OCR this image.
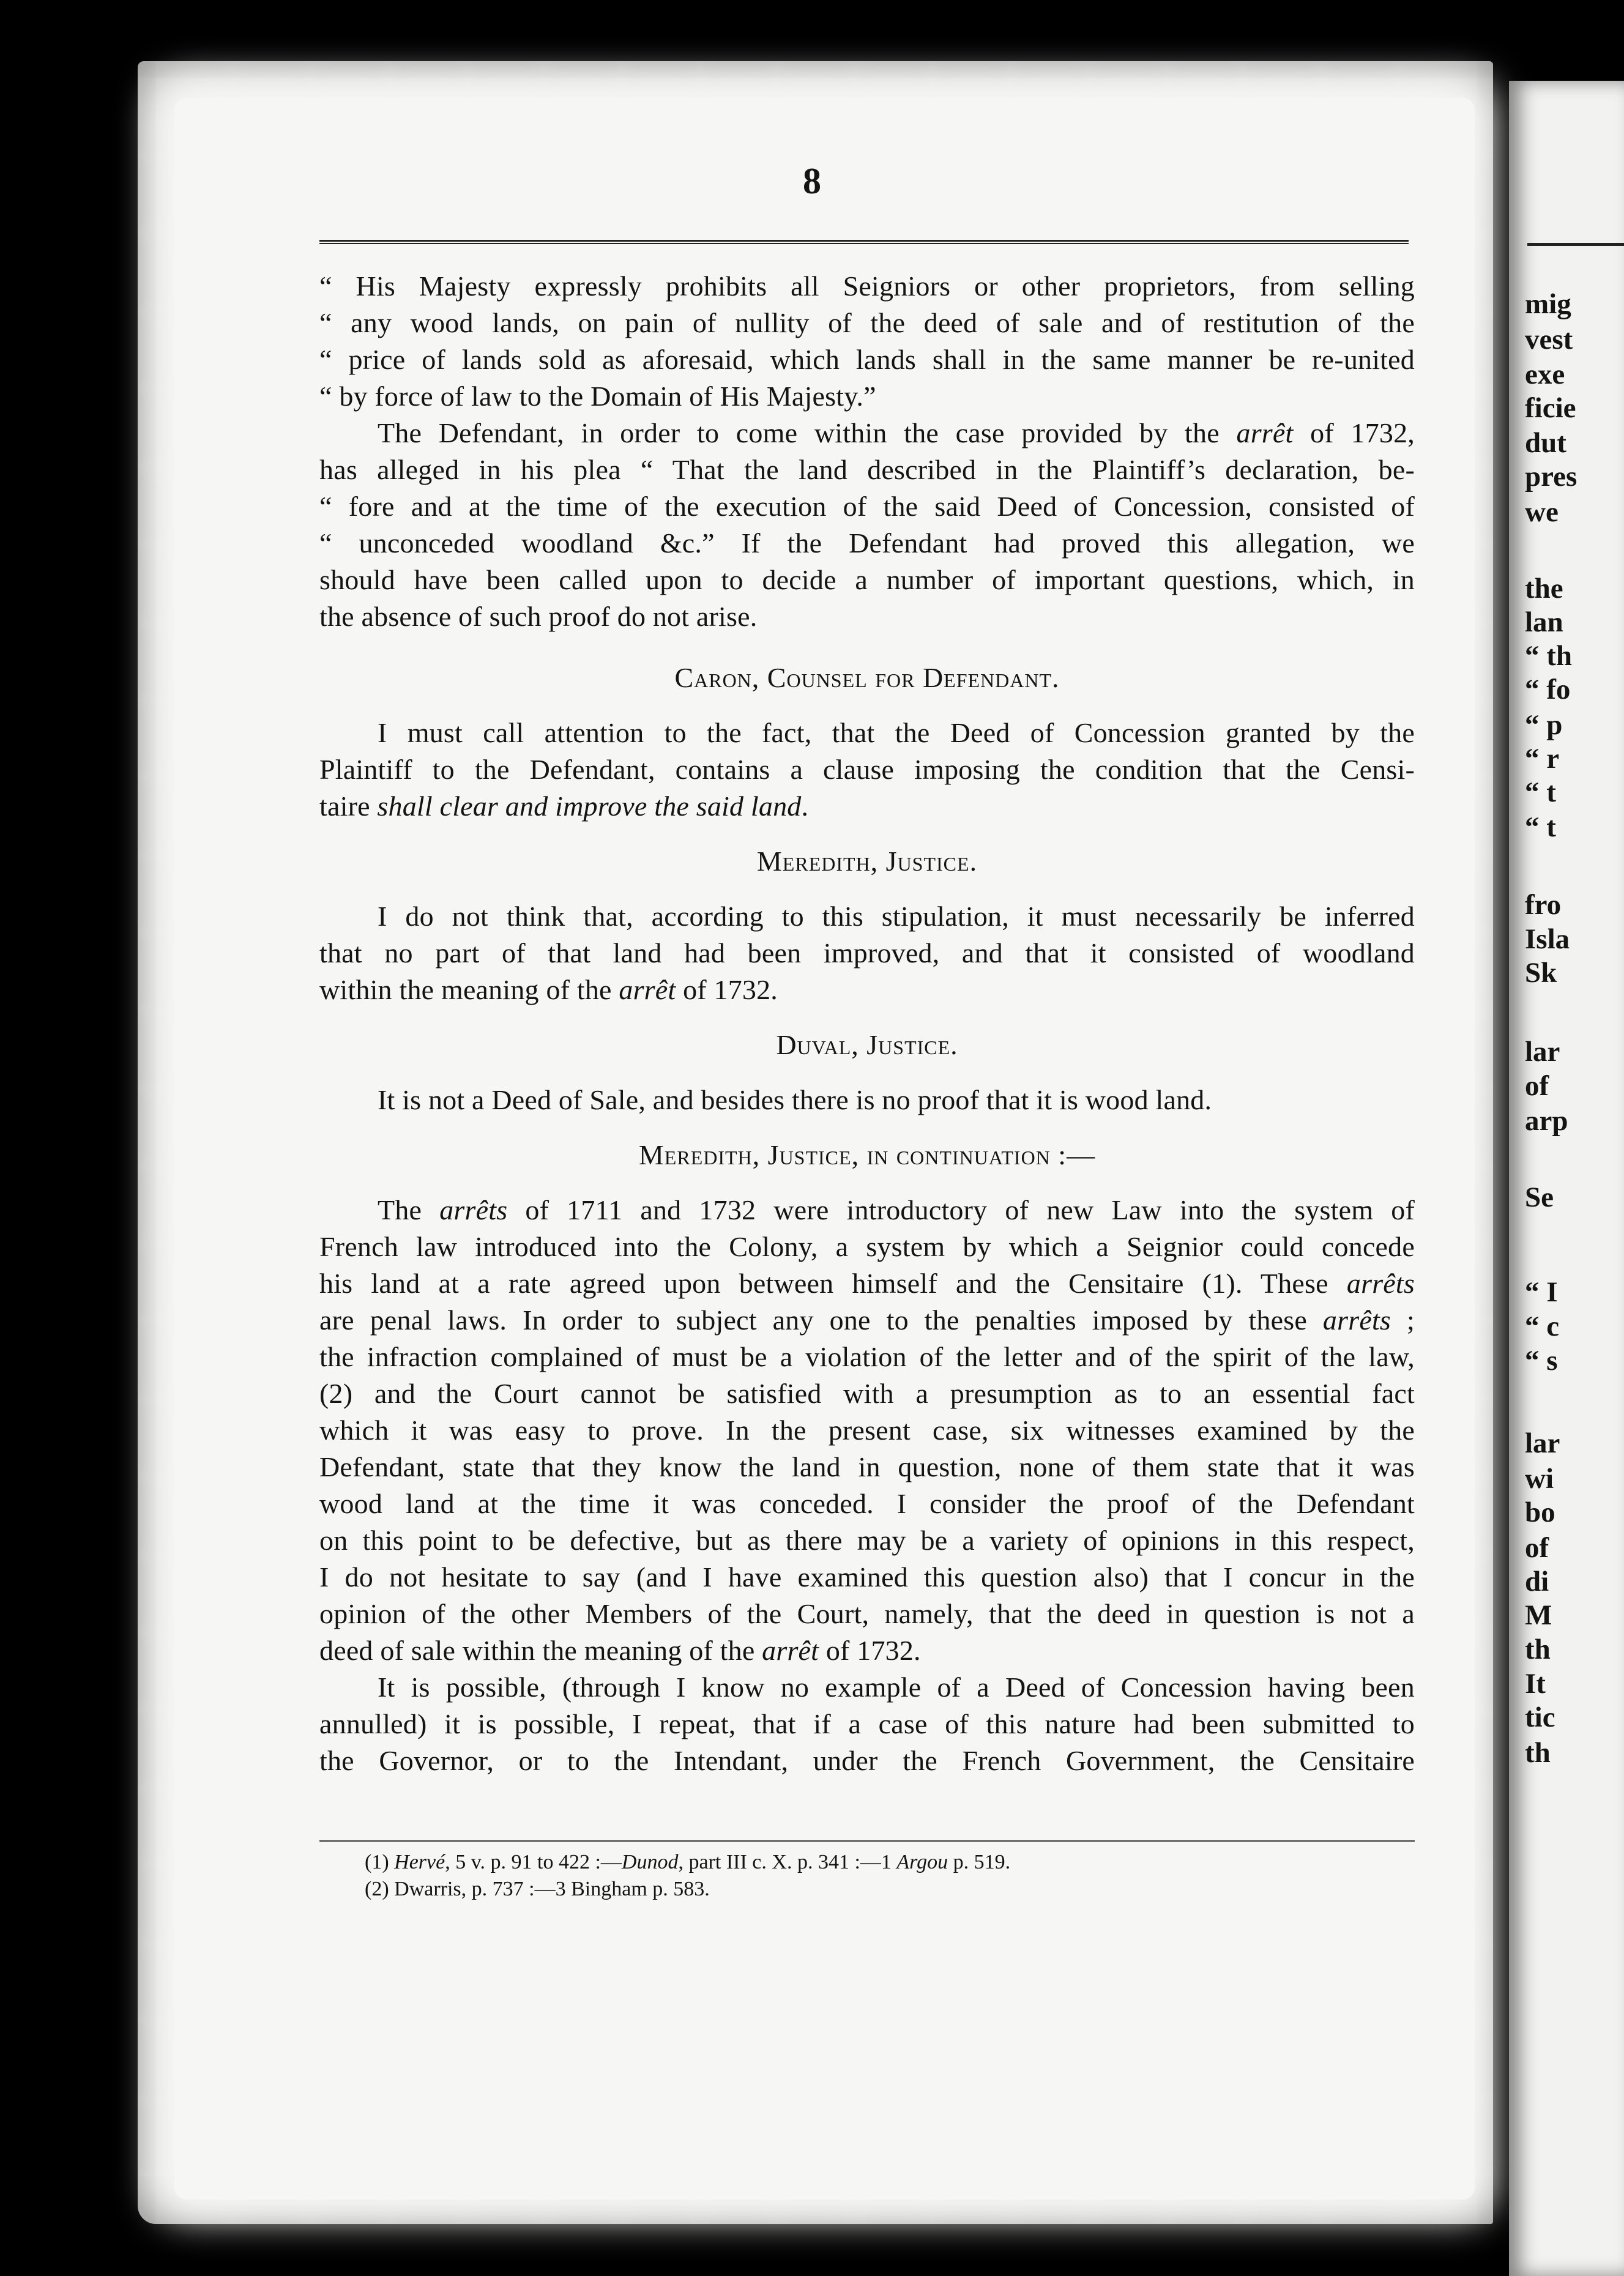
mig
vest
exe
ficie
dut
pres
we
the
lan
“ th
“ fo
“ p
“ r
“ t
“ t
fro
Isla
Sk
lar
of
arp
Se
“ I
“ c
“ s
lar
wi
bo
of
di
M
th
It
tic
th
8
“ His Majesty expressly prohibits all Seigniors or other proprietors, from selling
“ any wood lands, on pain of nullity of the deed of sale and of restitution of the
“ price of lands sold as aforesaid, which lands shall in the same manner be re-united
“ by force of law to the Domain of His Majesty.”
The Defendant, in order to come within the case provided by the arrêt of 1732,
has alleged in his plea “ That the land described in the Plaintiff’s declaration, be-
“ fore and at the time of the execution of the said Deed of Concession, consisted of
“ unconceded woodland &c.” If the Defendant had proved this allegation, we
should have been called upon to decide a number of important questions, which, in
the absence of such proof do not arise.
Caron, Counsel for Defendant.
I must call attention to the fact, that the Deed of Concession granted by the
Plaintiff to the Defendant, contains a clause imposing the condition that the Censi-
taire shall clear and improve the said land.
Meredith, Justice.
I do not think that, according to this stipulation, it must necessarily be inferred
that no part of that land had been improved, and that it consisted of woodland
within the meaning of the arrêt of 1732.
Duval, Justice.
It is not a Deed of Sale, and besides there is no proof that it is wood land.
Meredith, Justice, in continuation :—
The arrêts of 1711 and 1732 were introductory of new Law into the system of
French law introduced into the Colony, a system by which a Seignior could concede
his land at a rate agreed upon between himself and the Censitaire (1). These arrêts
are penal laws. In order to subject any one to the penalties imposed by these arrêts ;
the infraction complained of must be a violation of the letter and of the spirit of the law,
(2) and the Court cannot be satisfied with a presumption as to an essential fact
which it was easy to prove. In the present case, six witnesses examined by the
Defendant, state that they know the land in question, none of them state that it was
wood land at the time it was conceded. I consider the proof of the Defendant
on this point to be defective, but as there may be a variety of opinions in this respect,
I do not hesitate to say (and I have examined this question also) that I concur in the
opinion of the other Members of the Court, namely, that the deed in question is not a
deed of sale within the meaning of the arrêt of 1732.
It is possible, (through I know no example of a Deed of Concession having been
annulled) it is possible, I repeat, that if a case of this nature had been submitted to
the Governor, or to the Intendant, under the French Government, the Censitaire
(1) Hervé, 5 v. p. 91 to 422 :—Dunod, part III c. X. p. 341 :—1 Argou p. 519.
(2) Dwarris, p. 737 :—3 Bingham p. 583.
